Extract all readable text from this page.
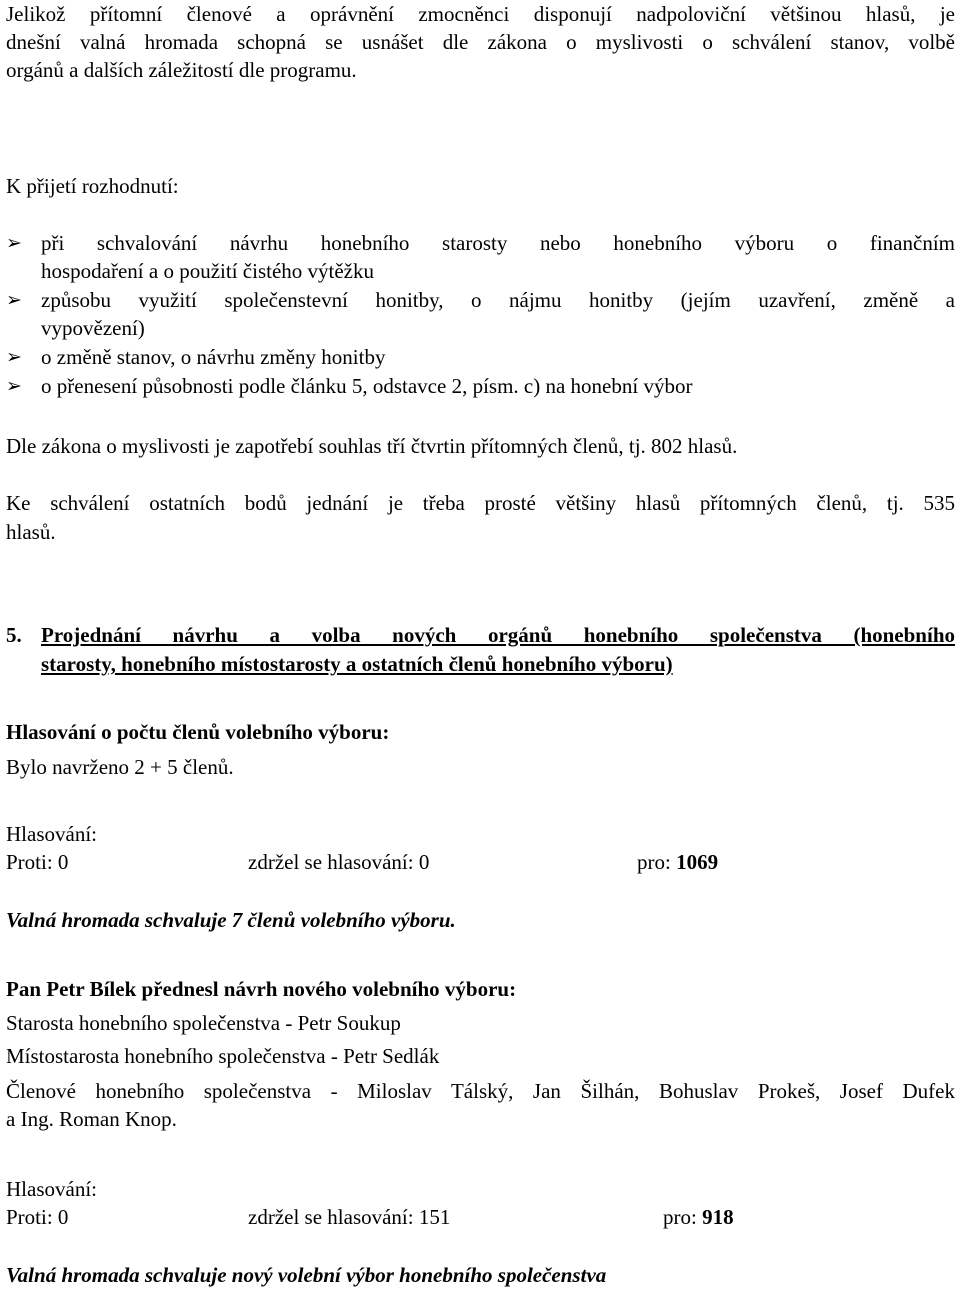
Jelikož přítomní členové a oprávnění zmocněnci disponují nadpoloviční většinou hlasů, je
dnešní valná hromada schopná se usnášet dle zákona o myslivosti o schválení stanov, volbě
orgánů a dalších záležitostí dle programu.
K přijetí rozhodnutí:
➢ při schvalování návrhu honebního starosty nebo honebního výboru o finančním
hospodaření a o použití čistého výtěžku
➢ způsobu využití společenstevní honitby, o nájmu honitby (jejím uzavření, změně a
vypovězení)
➢ o změně stanov, o návrhu změny honitby
➢ o přenesení působnosti podle článku 5, odstavce 2, písm. c) na honební výbor
Dle zákona o myslivosti je zapotřebí souhlas tří čtvrtin přítomných členů, tj. 802 hlasů.
Ke schválení ostatních bodů jednání je třeba prosté většiny hlasů přítomných členů, tj. 535
hlasů.
5. Projednání návrhu a volba nových orgánů honebního společenstva (honebního
starosty, honebního místostarosty a ostatních členů honebního výboru)
Hlasování o počtu členů volebního výboru:
Bylo navrženo 2 + 5 členů.
Hlasování:
Proti: 0	zdržel se hlasování: 0	pro: 1069
Valná hromada schvaluje 7 členů volebního výboru.
Pan Petr Bílek přednesl návrh nového volebního výboru:
Starosta honebního společenstva - Petr Soukup
Místostarosta honebního společenstva - Petr Sedlák
Členové honebního společenstva - Miloslav Tálský, Jan Šilhán, Bohuslav Prokeš, Josef Dufek
a Ing. Roman Knop.
Hlasování:
Proti: 0	zdržel se hlasování: 151	pro: 918
Valná hromada schvaluje nový volební výbor honebního společenstva
